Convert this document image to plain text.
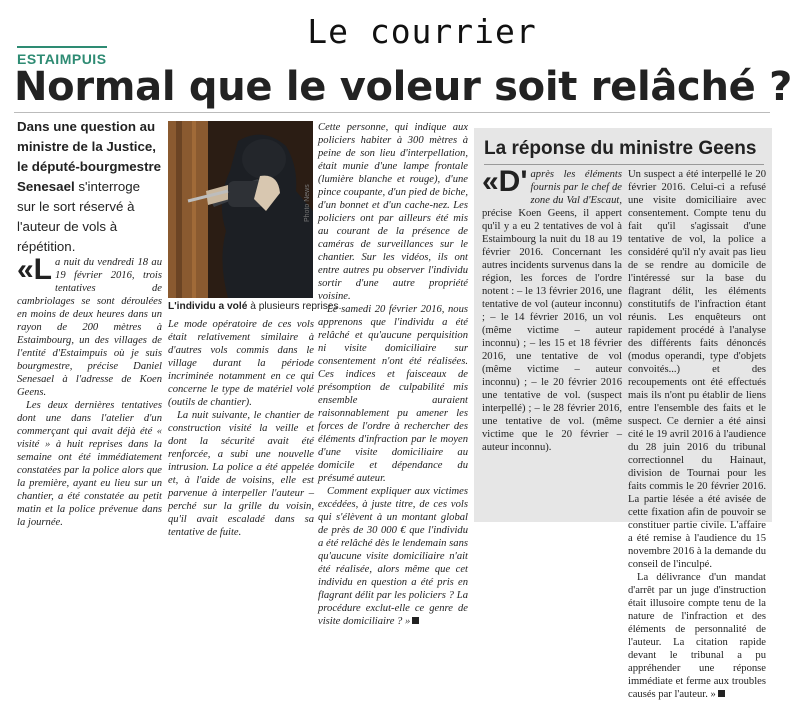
Le courrier
ESTAIMPUIS
Normal que le voleur soit relâché ?
Dans une question au ministre de la Justice, le député-bourgmestre Senesael s'interroge sur le sort réservé à l'auteur de vols à répétition.
Photo News
L'individu a volé à plusieurs reprises.

«La nuit du vendredi 18 au 19 février 2016, trois tentatives de cambriolages se sont déroulées en moins de deux heures dans un rayon de 200 mètres à Estaimbourg, un des villages de l'entité d'Estaimpuis où je suis bourgmestre, précise Daniel Senesael à l'adresse de Koen Geens.

Les deux dernières tentatives dont une dans l'atelier d'un commerçant qui avait déjà été « visité » à huit reprises dans la semaine ont été immédiatement constatées par la police alors que la première, ayant eu lieu sur un chantier, a été constatée au petit matin et la police prévenue dans la journée.

Le mode opératoire de ces vols était relativement similaire à d'autres vols commis dans le village durant la période incriminée notamment en ce qui concerne le type de matériel volé (outils de chantier).

La nuit suivante, le chantier de construction visité la veille et dont la sécurité avait été renforcée, a subi une nouvelle intrusion. La police a été appelée et, à l'aide de voisins, elle est parvenue à interpeller l'auteur – perché sur la grille du voisin, qu'il avait escaladé dans sa tentative de fuite.

Cette personne, qui indique aux policiers habiter à 300 mètres à peine de son lieu d'interpellation, était munie d'une lampe frontale (lumière blanche et rouge), d'une pince coupante, d'un pied de biche, d'un bonnet et d'un cache-nez. Les policiers ont par ailleurs été mis au courant de la présence de caméras de surveillances sur le chantier. Sur les vidéos, ils ont entre autres pu observer l'individu sortir d'une autre propriété voisine.

Le samedi 20 février 2016, nous apprenons que l'individu a été relâché et qu'aucune perquisition ni visite domiciliaire sur consentement n'ont été réalisées. Ces indices et faisceaux de présomption de culpabilité mis ensemble auraient raisonnablement pu amener les forces de l'ordre à rechercher des éléments d'infraction par le moyen d'une visite domiciliaire au domicile et dépendance du présumé auteur.

Comment expliquer aux victimes excédées, à juste titre, de ces vols qui s'élèvent à un montant global de près de 30 000 € que l'individu a été relâché dès le lendemain sans qu'aucune visite domiciliaire n'ait été réalisée, alors même que cet individu en question a été pris en flagrant délit par les policiers ? La procédure exclut-elle ce genre de visite domiciliaire ? »

La réponse du ministre Geens

«D' après les éléments fournis par le chef de zone du Val d'Escaut, précise Koen Geens, il appert qu'il y a eu 2 tentatives de vol à Estaimbourg la nuit du 18 au 19 février 2016. Concernant les autres incidents survenus dans la région, les forces de l'ordre notent : – le 13 février 2016, une tentative de vol (auteur inconnu) ; – le 14 février 2016, un vol (même victime – auteur inconnu) ; – les 15 et 18 février 2016, une tentative de vol (même victime – auteur inconnu) ; – le 20 février 2016 une tentative de vol. (suspect interpellé) ; – le 28 février 2016, une tentative de vol. (même victime que le 20 février – auteur inconnu).

Un suspect a été interpellé le 20 février 2016. Celui-ci a refusé une visite domiciliaire avec consentement. Compte tenu du fait qu'il s'agissait d'une tentative de vol, la police a considéré qu'il n'y avait pas lieu de se rendre au domicile de l'intéressé sur la base du flagrant délit, les éléments constitutifs de l'infraction étant réunis. Les enquêteurs ont rapidement procédé à l'analyse des différents faits dénoncés (modus operandi, type d'objets convoités...) et des recoupements ont été effectués mais ils n'ont pu établir de liens entre l'ensemble des faits et le suspect. Ce dernier a été ainsi cité le 19 avril 2016 à l'audience du 28 juin 2016 du tribunal correctionnel du Hainaut, division de Tournai pour les faits commis le 20 février 2016. La partie lésée a été avisée de cette fixation afin de pouvoir se constituer partie civile. L'affaire a été remise à l'audience du 15 novembre 2016 à la demande du conseil de l'inculpé.

La délivrance d'un mandat d'arrêt par un juge d'instruction était illusoire compte tenu de la nature de l'infraction et des éléments de personnalité de l'auteur. La citation rapide devant le tribunal a pu appréhender une réponse immédiate et ferme aux troubles causés par l'auteur. »
